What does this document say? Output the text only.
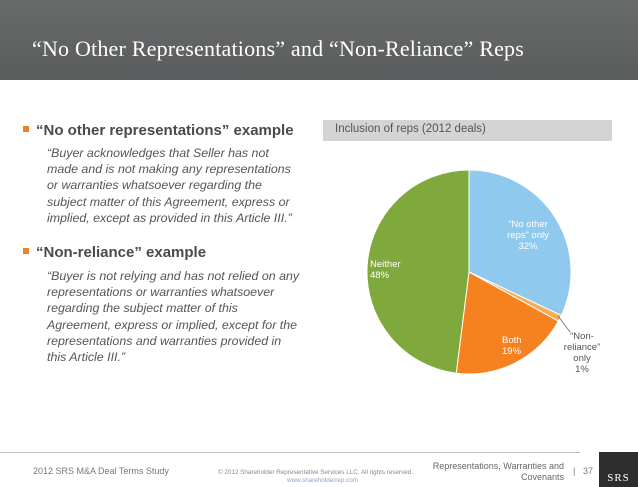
“No Other Representations” and “Non-Reliance” Reps
“No other representations” example
“Buyer acknowledges that Seller has not
made and is not making any representations
or warranties whatsoever regarding the
subject matter of this Agreement, express or
implied, except as provided in this Article III.”
“Non-reliance” example
“Buyer is not relying and has not relied on any
representations or warranties whatsoever
regarding the subject matter of this
Agreement, express or implied, except for the
representations and warranties provided in
this Article III.”
Inclusion of reps (2012 deals)
“No other reps” only 32%
“Non-reliance” only 1%
Both 19%
Neither 48%
2012 SRS M&A Deal Terms Study	© 2012 Shareholder Representative Services LLC. All rights reserved.
www.shareholderrep.com
Representations, Warranties and
Covenants
| 37
SRS
